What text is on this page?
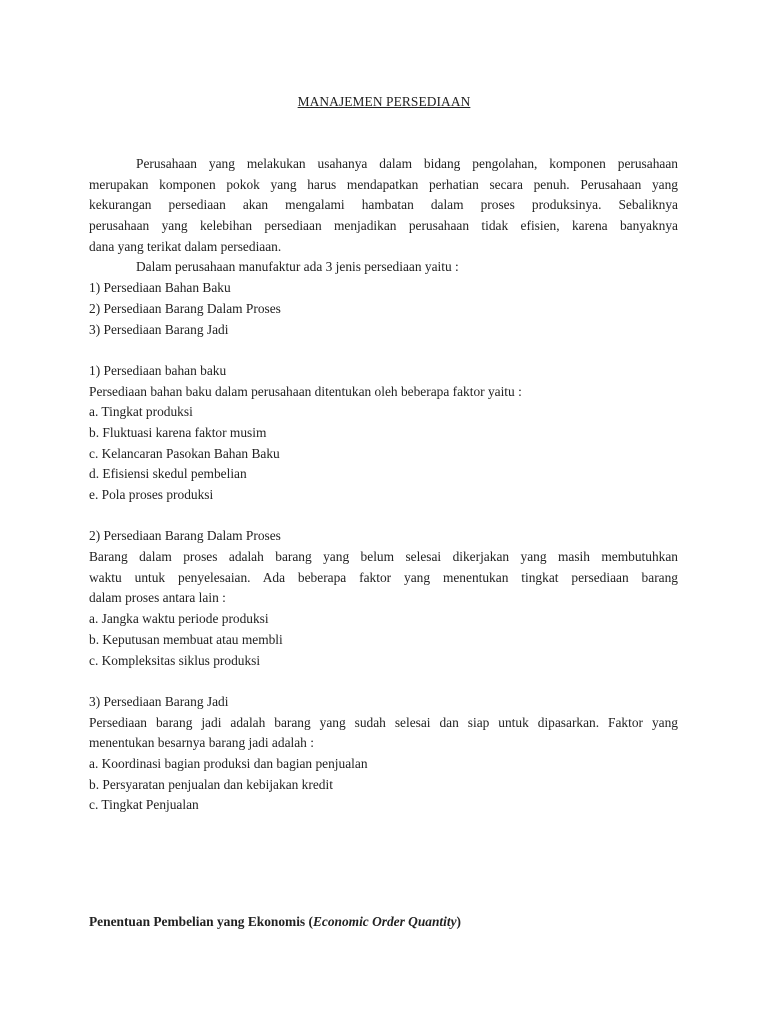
MANAJEMEN PERSEDIAAN
Perusahaan yang melakukan usahanya dalam bidang pengolahan, komponen perusahaan
merupakan komponen pokok yang harus mendapatkan perhatian secara penuh. Perusahaan yang
kekurangan persediaan akan mengalami hambatan dalam proses produksinya. Sebaliknya
perusahaan yang kelebihan persediaan menjadikan perusahaan tidak efisien, karena banyaknya
dana yang terikat dalam persediaan.
Dalam perusahaan manufaktur ada 3 jenis persediaan yaitu :
1) Persediaan Bahan Baku
2) Persediaan Barang Dalam Proses
3) Persediaan Barang Jadi
1) Persediaan bahan baku
Persediaan bahan baku dalam perusahaan ditentukan oleh beberapa faktor yaitu :
a. Tingkat produksi
b. Fluktuasi karena faktor musim
c. Kelancaran Pasokan Bahan Baku
d. Efisiensi skedul pembelian
e. Pola proses produksi
2) Persediaan Barang Dalam Proses
Barang dalam proses adalah barang yang belum selesai dikerjakan yang masih membutuhkan
waktu untuk penyelesaian. Ada beberapa faktor yang menentukan tingkat persediaan barang
dalam proses antara lain :
a. Jangka waktu periode produksi
b. Keputusan membuat atau membli
c. Kompleksitas siklus produksi
3) Persediaan Barang Jadi
Persediaan barang jadi adalah barang yang sudah selesai dan siap untuk dipasarkan. Faktor yang
menentukan besarnya barang jadi adalah :
a. Koordinasi bagian produksi dan bagian penjualan
b. Persyaratan penjualan dan kebijakan kredit
c. Tingkat Penjualan
Penentuan Pembelian yang Ekonomis (Economic Order Quantity)
